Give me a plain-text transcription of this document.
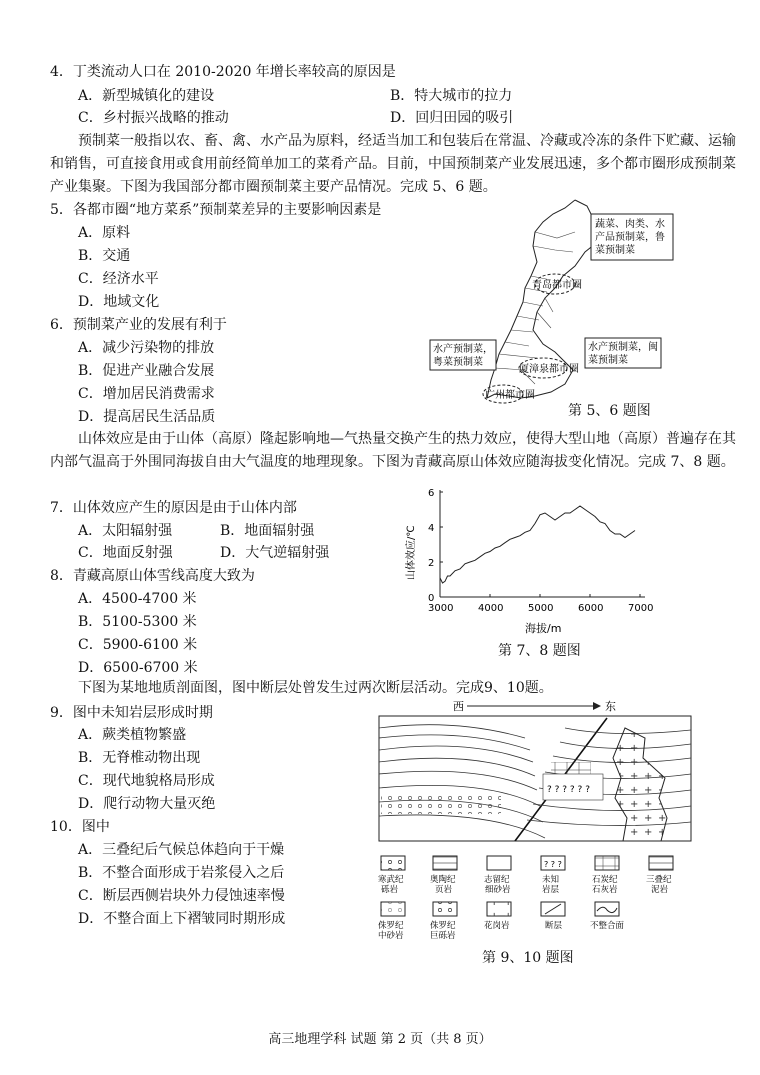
4．丁类流动人口在 2010-2020 年增长率较高的原因是
A．新型城镇化的建设	B．特大城市的拉力
C．乡村振兴战略的推动	D．回归田园的吸引
预制菜一般指以农、畜、禽、水产品为原料，经适当加工和包装后在常温、冷藏或冷冻的条件下贮藏、运输和销售，可直接食用或食用前经简单加工的菜肴产品。目前，中国预制菜产业发展迅速，多个都市圈形成预制菜产业集聚。下图为我国部分都市圈预制菜主要产品情况。完成 5、6 题。
5．各都市圈“地方菜系”预制菜差异的主要影响因素是
A．原料
B．交通
C．经济水平
D．地域文化
6．预制菜产业的发展有利于
A．减少污染物的排放
B．促进产业融合发展
C．增加居民消费需求
D．提高居民生活品质
青岛都市圈
厦漳泉都市圈
广州都市圈
蔬菜、肉类、水
产品预制菜，鲁
菜预制菜
水产预制菜，
粤菜预制菜
水产预制菜，闽
菜预制菜
第 5、6 题图
山体效应是由于山体（高原）隆起影响地—气热量交换产生的热力效应，使得大型山地（高原）普遍存在其内部气温高于外围同海拔自由大气温度的地理现象。下图为青藏高原山体效应随海拔变化情况。完成 7、8 题。
7．山体效应产生的原因是由于山体内部
A．太阳辐射强	B．地面辐射强
C．地面反射强	D．大气逆辐射强
8．青藏高原山体雪线高度大致为
A．4500-4700 米
B．5100-5300 米
C．5900-6100 米
D．6500-6700 米
3000 4000 5000 6000 7000
0
2
4
6
海拔/m
山体效应/℃
第 7、8 题图
下图为某地地质剖面图，图中断层处曾发生过两次断层活动。完成9、10题。
9．图中未知岩层形成时期
A．蕨类植物繁盛
B．无脊椎动物出现
C．现代地貌格局形成
D．爬行动物大量灭绝
10．图中
A．三叠纪后气候总体趋向于干燥
B．不整合面形成于岩浆侵入之后
C．断层西侧岩块外力侵蚀速率慢
D．不整合面上下褶皱同时期形成
西	东
? ? ? ? ? ?
寒武纪
砾岩
奥陶纪
页岩
志留纪
细砂岩
? ? ?
未知
岩层
石炭纪
石灰岩
三叠纪
泥岩
侏罗纪
中砂岩
侏罗纪
巨砾岩
花岗岩	断层	不整合面
第 9、10 题图
高三地理学科 试题 第 2 页（共 8 页）
